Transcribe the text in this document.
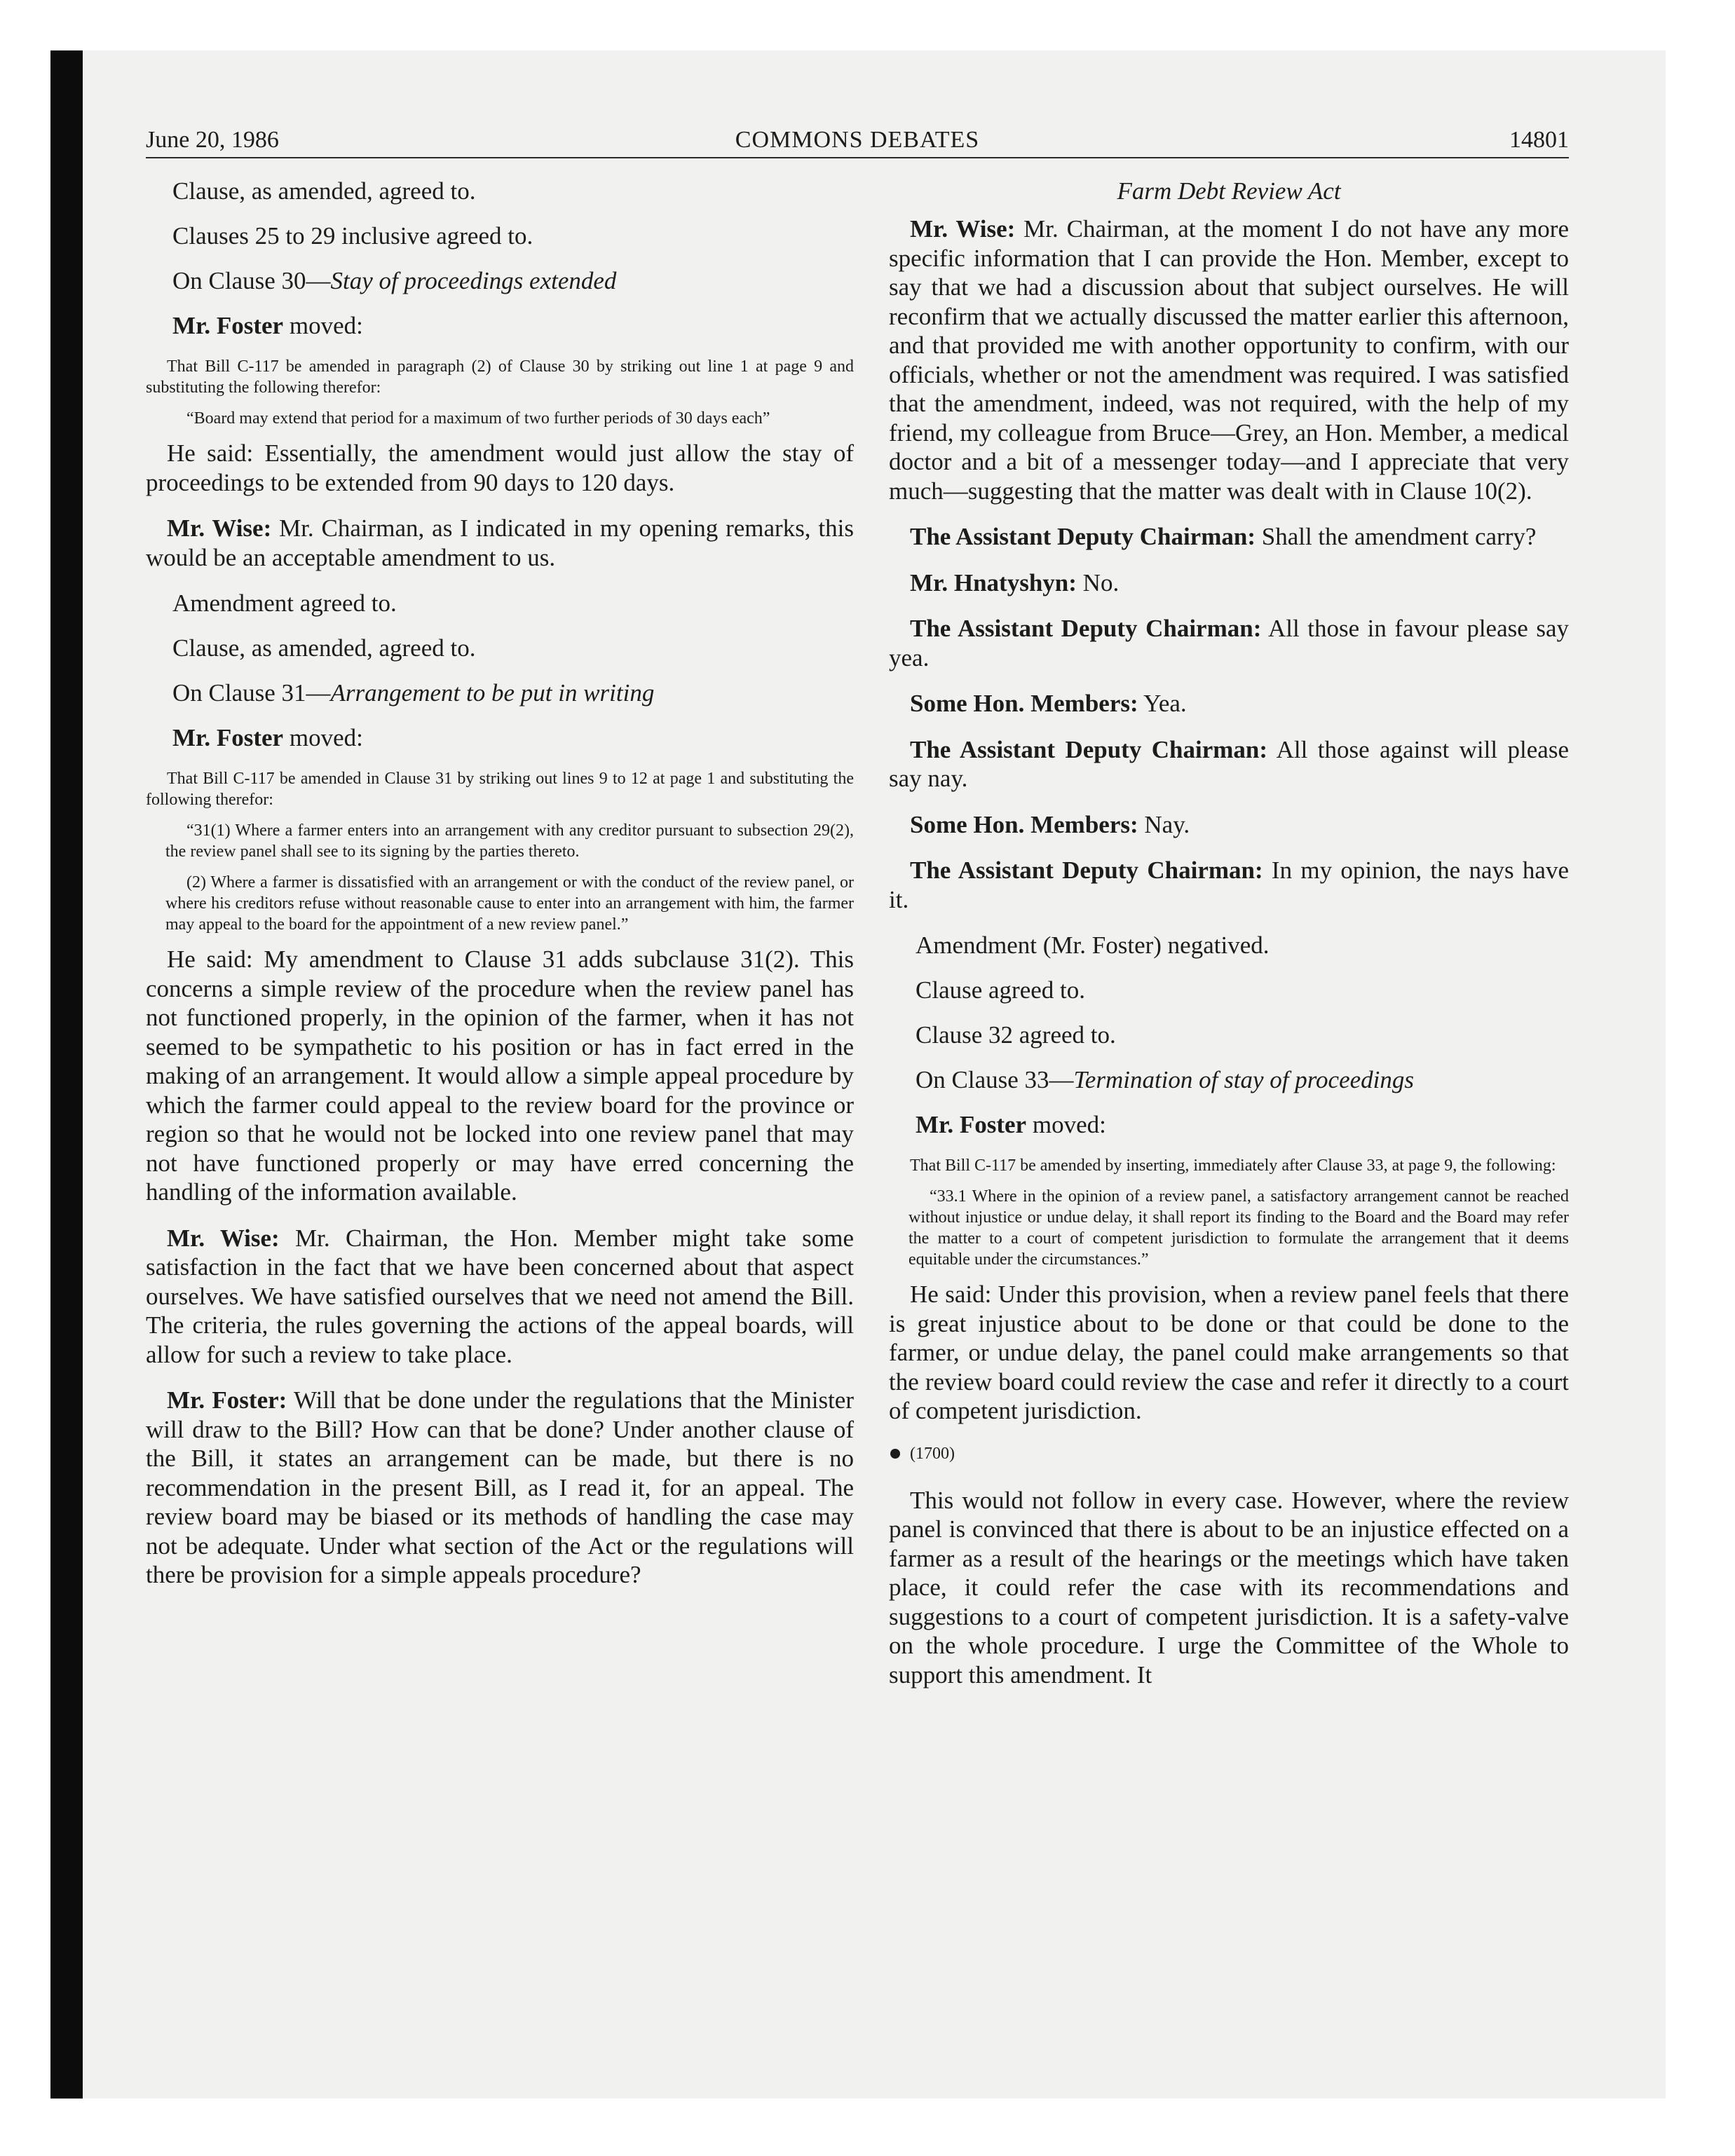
June 20, 1986	COMMONS DEBATES	14801

Clause, as amended, agreed to.

Clauses 25 to 29 inclusive agreed to.

On Clause 30—Stay of proceedings extended

Mr. Foster moved:

That Bill C-117 be amended in paragraph (2) of Clause 30 by striking out line 1 at page 9 and substituting the following therefor:

“Board may extend that period for a maximum of two further periods of 30 days each”

He said: Essentially, the amendment would just allow the stay of proceedings to be extended from 90 days to 120 days.

Mr. Wise: Mr. Chairman, as I indicated in my opening remarks, this would be an acceptable amendment to us.

Amendment agreed to.

Clause, as amended, agreed to.

On Clause 31—Arrangement to be put in writing

Mr. Foster moved:

That Bill C-117 be amended in Clause 31 by striking out lines 9 to 12 at page 1 and substituting the following therefor:

“31(1) Where a farmer enters into an arrangement with any creditor pursuant to subsection 29(2), the review panel shall see to its signing by the parties thereto.

(2) Where a farmer is dissatisfied with an arrangement or with the conduct of the review panel, or where his creditors refuse without reasonable cause to enter into an arrangement with him, the farmer may appeal to the board for the appointment of a new review panel.”

He said: My amendment to Clause 31 adds subclause 31(2). This concerns a simple review of the procedure when the review panel has not functioned properly, in the opinion of the farmer, when it has not seemed to be sympathetic to his position or has in fact erred in the making of an arrangement. It would allow a simple appeal procedure by which the farmer could appeal to the review board for the province or region so that he would not be locked into one review panel that may not have functioned properly or may have erred concerning the handling of the information available.

Mr. Wise: Mr. Chairman, the Hon. Member might take some satisfaction in the fact that we have been concerned about that aspect ourselves. We have satisfied ourselves that we need not amend the Bill. The criteria, the rules governing the actions of the appeal boards, will allow for such a review to take place.

Mr. Foster: Will that be done under the regulations that the Minister will draw to the Bill? How can that be done? Under another clause of the Bill, it states an arrangement can be made, but there is no recommendation in the present Bill, as I read it, for an appeal. The review board may be biased or its methods of handling the case may not be adequate. Under what section of the Act or the regulations will there be provision for a simple appeals procedure?

Farm Debt Review Act

Mr. Wise: Mr. Chairman, at the moment I do not have any more specific information that I can provide the Hon. Member, except to say that we had a discussion about that subject ourselves. He will reconfirm that we actually discussed the matter earlier this afternoon, and that provided me with another opportunity to confirm, with our officials, whether or not the amendment was required. I was satisfied that the amendment, indeed, was not required, with the help of my friend, my colleague from Bruce—Grey, an Hon. Member, a medical doctor and a bit of a messenger today—and I appreciate that very much—suggesting that the matter was dealt with in Clause 10(2).

The Assistant Deputy Chairman: Shall the amendment carry?

Mr. Hnatyshyn: No.

The Assistant Deputy Chairman: All those in favour please say yea.

Some Hon. Members: Yea.

The Assistant Deputy Chairman: All those against will please say nay.

Some Hon. Members: Nay.

The Assistant Deputy Chairman: In my opinion, the nays have it.

Amendment (Mr. Foster) negatived.

Clause agreed to.

Clause 32 agreed to.

On Clause 33—Termination of stay of proceedings

Mr. Foster moved:

That Bill C-117 be amended by inserting, immediately after Clause 33, at page 9, the following:

“33.1 Where in the opinion of a review panel, a satisfactory arrangement cannot be reached without injustice or undue delay, it shall report its finding to the Board and the Board may refer the matter to a court of competent jurisdiction to formulate the arrangement that it deems equitable under the circumstances.”

He said: Under this provision, when a review panel feels that there is great injustice about to be done or that could be done to the farmer, or undue delay, the panel could make arrangements so that the review board could review the case and refer it directly to a court of competent jurisdiction.

(1700)

This would not follow in every case. However, where the review panel is convinced that there is about to be an injustice effected on a farmer as a result of the hearings or the meetings which have taken place, it could refer the case with its recommendations and suggestions to a court of competent jurisdiction. It is a safety-valve on the whole procedure. I urge the Committee of the Whole to support this amendment. It
